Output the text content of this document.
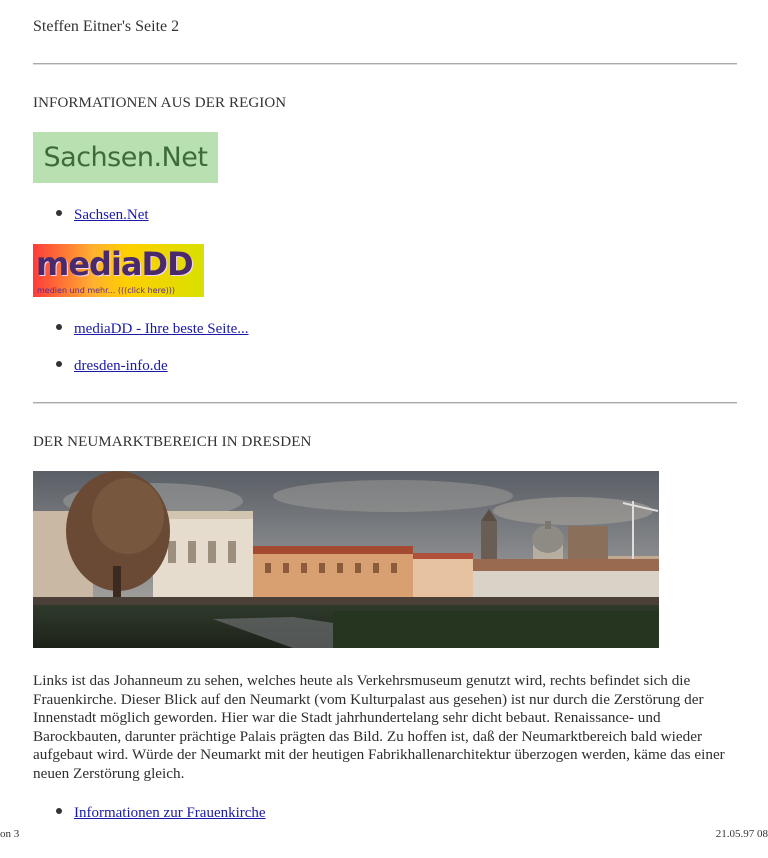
Steffen Eitner's Seite 2
INFORMATIONEN AUS DER REGION
Sachsen.Net
Sachsen.Net
mediaDD
medien und mehr... (((click here)))
mediaDD - Ihre beste Seite...
dresden-info.de
DER NEUMARKTBEREICH IN DRESDEN
Links ist das Johanneum zu sehen, welches heute als Verkehrsmuseum genutzt wird, rechts befindet sich die Frauenkirche. Dieser Blick auf den Neumarkt (vom Kulturpalast aus gesehen) ist nur durch die Zerstörung der Innenstadt möglich geworden. Hier war die Stadt jahrhundertelang sehr dicht bebaut. Renaissance- und Barockbauten, darunter prächtige Palais prägten das Bild. Zu hoffen ist, daß der Neumarktbereich bald wieder aufgebaut wird. Würde der Neumarkt mit der heutigen Fabrikhallenarchitektur überzogen werden, käme das einer neuen Zerstörung gleich.
Informationen zur Frauenkirche
on 3	21.05.97 08
